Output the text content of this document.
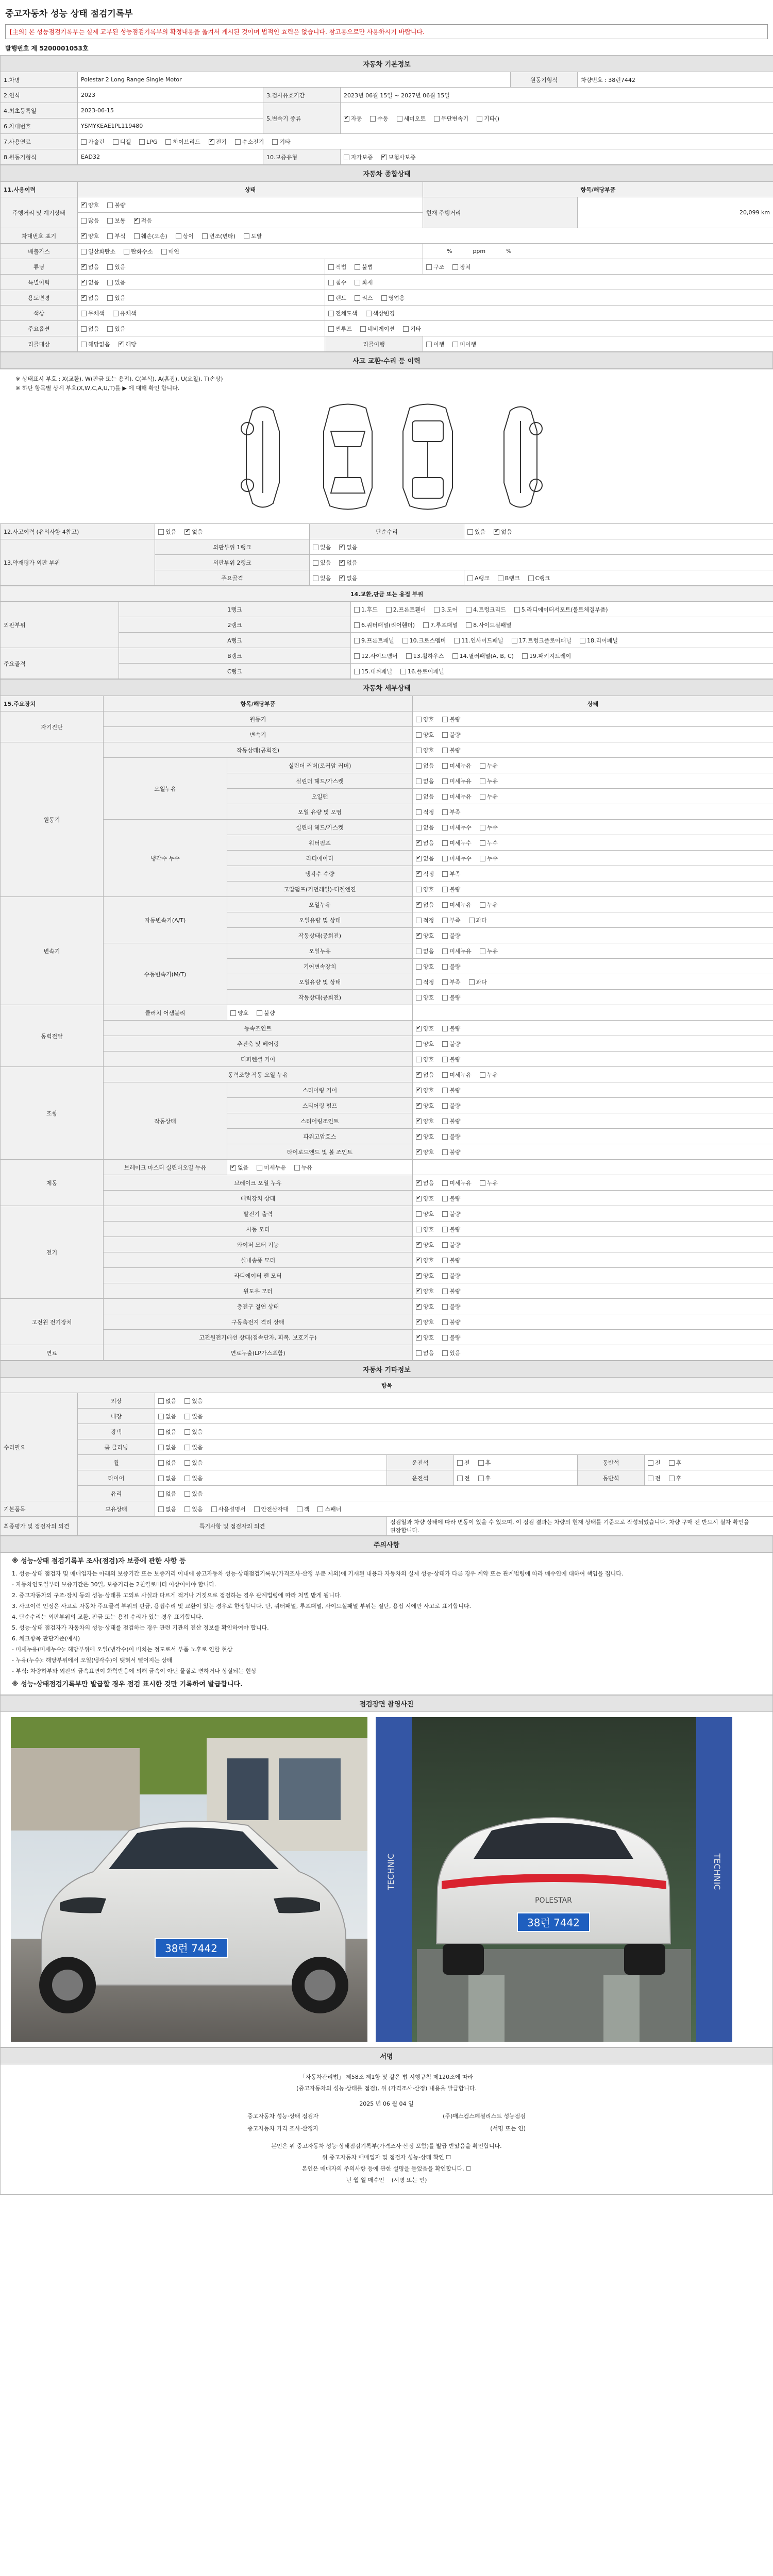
중고자동차 성능 상태 점검기록부
[主의] 본 성능점검기록부는 실제 교부된 성능점검기록부의 확정내용을 옮겨서 게시된 것이며 법적인 효력은 없습니다. 참고용으로만 사용하시기 바랍니다.
발행번호 제 5200001053호
자동차 기본정보					
1.차명	Polestar 2 Long Range Single Motor			원동기형식	차량번호 : 38런7442
2.연식	2023	3.검사유효기간	2023년 06월 15일 ~ 2027년 06월 15일		
4.최초등록일	2023-06-15	5.변속기 종류	✔자동 수동 세미오토 무단변속기 기타()
6.차대번호	YSMYKEAE1PL119480				
7.사용연료	가솔린 디젤 LPG 하이브리드 ✔ 전기 수소전기 기타
8.원동기형식	EAD32	10.보증유형	자가보증 ✔ 보험사보증
자동차 종합상태				
11.사용이력	상태		항목/해당부품	
주행거리 및 계기상태	✔양호 불량		현재 주행거리	20,099 km
	많음 보통 ✔ 적음
차대번호 표기	✔양호 부식 훼손(오손) 상이 변조(변타) 도말
배출가스	일산화탄소 탄화수소 매연		% ppm %	
튜닝	✔없음 있음	적법 불법	구조 장치	
특별이력	✔없음 있음	침수 화재		
용도변경	✔없음 있음	렌트 리스 영업용		
색상	무채색 유채색	전체도색 색상변경		
주요옵션	없음 있음	썬루프 네비게이션 기타		
리콜대상	해당없음 ✔ 해당	리콜이행	이행 미이행	
사고 교환·수리 등 이력
※ 상태표시 부호 : X(교환), W(판금 또는 용접), C(부식), A(흠집), U(요철), T(손상)
※ 하단 항목별 상세 부호(X,W,C,A,U,T)를 ▶ 에 대해 확인 합니다.
12.사고이력 (유의사항 4참고)	있음 ✔ 없음	단순수리	있음 ✔ 없음
13.약재평가 외판 부위	외판부위 1랭크	있음 ✔ 없음
	외판부위 2랭크	있음 ✔ 없음
	주요골격	있음 ✔ 없음	A랭크 B랭크 C랭크
14.교환,판금 또는 용접 부위		
외판부위	1랭크	1.후드 2.프론트휀더 3.도어 4.트렁크리드 5.라디에이터서포트(볼트체결부품)
	2랭크	6.쿼터패널(리어휀더) 7.루프패널 8.사이드실패널
	A랭크	9.프론트패널 10.크로스멤버 11.인사이드패널 17.트렁크플로어패널 18.리어패널
주요골격	B랭크	12.사이드멤버 13.휠하우스 14.필러패널(A, B, C) 19.패키지트레이
	C랭크	15.대쉬패널 16.플로어패널
자동차 세부상태			
15.주요장치	항목/해당부품		상태
자기진단	원동기		양호 불량
	변속기		양호 불량
원동기	작동상태(공회전)		양호 불량
	오일누유	실린더 커버(로커암 커버)	없음 미세누유 누유
		실린더 헤드/가스켓	없음 미세누유 누유
		오일팬	없음 미세누유 누유
		오일 유량 및 오염	적정 부족
	냉각수 누수	실린더 헤드/가스켓	없음 미세누수 누수
		워터펌프	✔없음 미세누수 누수
		라디에이터	✔없음 미세누수 누수
		냉각수 수량	✔적정 부족
		고압펌프(커먼레일)-디젤엔진	양호 불량
변속기	자동변속기(A/T)	오일누유	✔없음 미세누유 누유
		오일유량 및 상태	적정 부족 과다
		작동상태(공회전)	✔양호 불량
	수동변속기(M/T)	오일누유	없음 미세누유 누유
		기어변속장치	양호 불량
		오일유량 및 상태	적정 부족 과다
		작동상태(공회전)	양호 불량
동력전달	클러치 어셈블리	양호 불량	
	등속조인트	✔양호 불량
	추진축 및 베어링		양호 불량
	디퍼렌셜 기어		양호 불량
조향	동력조향 작동 오일 누유	✔없음 미세누유 누유
	작동상태	스티어링 기어	✔양호 불량
		스티어링 펌프	✔양호 불량
		스티어링조인트	✔양호 불량
		파워고압호스	✔양호 불량
		타이로드엔드 및 볼 조인트	✔양호 불량
제동	브레이크 마스터 실린더오일 누유	✔없음 미세누유 누유
	브레이크 오일 누유	✔없음 미세누유 누유
	배력장치 상태	✔양호 불량
전기	발전기 출력		양호 불량
	시동 모터		양호 불량
	와이퍼 모터 기능	✔양호 불량
	실내송풍 모터	✔양호 불량
	라디에이터 팬 모터	✔양호 불량
	윈도우 모터	✔양호 불량
고전원 전기장치	충전구 절연 상태	✔양호 불량
	구동축전지 격리 상태	✔양호 불량
	고전원전기배선 상태(접속단자, 피복, 보호기구)	✔양호 불량
연료	연료누출(LP가스포함)		없음 있음
자동차 기타정보						
항목						
수리필요	외장	없음 있음				
	내장	없음 있음				
	광택	없음 있음				
	룸 클리닝	없음 있음				
	휠	없음 있음	운전석	전 후	동반석	전 후
	타이어	없음 있음	운전석	전 후	동반석	전 후
	유리	없음 있음				
기본품목	보유상태	없음 있음 사용설명서 안전삼각대 잭 스패너				
최종평가 및 점검자의 의견	특기사항 및 점검자의 의견		점검일과 차량 상태에 따라 변동이 있을 수 있으며, 이 점검 결과는 차량의 현재 상태를 기준으로 작성되었습니다. 차량 구매 전 반드시 실차 확인을 권장합니다.			
주의사항
※ 성능·상태 점검기록부 조사(점검)자 보증에 관한 사항 등

1. 성능·상태 점검자 및 매매업자는 아래의 보증기간 또는 보증거리 이내에 중고자동차 성능·상태점검기록부(가격조사·산정 부분 제외)에 기재된 내용과 자동차의 실제 성능·상태가 다른 경우 계약 또는 관계법령에 따라 매수인에 대하여 책임을 집니다.

- 자동차인도일부터 보증기간은 30일, 보증거리는 2천킬로미터 이상이어야 합니다.

2. 중고자동차의 구조·장치 등의 성능·상태를 고의로 사실과 다르게 적거나 거짓으로 점검하는 경우 관계법령에 따라 처벌 받게 됩니다.

3. 사고이력 인정은 사고로 자동차 주요골격 부위의 판금, 용접수리 및 교환이 있는 경우로 한정합니다. 단, 쿼터패널, 루프패널, 사이드실패널 부위는 절단, 용접 시에만 사고로 표기합니다.

4. 단순수리는 외판부위의 교환, 판금 또는 용접 수리가 있는 경우 표기합니다.

5. 성능·상태 점검자가 자동차의 성능·상태를 점검하는 경우 관련 기관의 전산 정보를 확인하여야 합니다.

6. 체크항목 판단기준(예시)

- 미세누유(미세누수): 해당부위에 오일(냉각수)이 비치는 정도로서 부품 노후로 인한 현상

- 누유(누수): 해당부위에서 오일(냉각수)이 맺혀서 떨어지는 상태

- 부식: 차량하부와 외판의 금속표면이 화학반응에 의해 금속이 아닌 물질로 변하거나 상실되는 현상

※ 성능·상태점검기록부만 발급할 경우 점검 표시한 것만 기록하여 발급합니다.
점검장면 촬영사진
38런 7442
TECHNIC	TECHNIC
POLESTAR
38런 7442
서명
「자동차관리법」 제58조 제1항 및 같은 법 시행규칙 제120조에 따라
(중고자동차의 성능·상태를 점검), 위 (가격조사·산정) 내용을 발급합니다.
2025 년 06 월 04 일
중고자동차 성능·상태 점검자	(주)매스컴스페셜리스트 성능점검
중고자동차 가격 조사·산정자	(서명 또는 인)
본인은 위 중고자동차 성능·상태점검기록부(가격조사·산정 포함)를 발급 받았음을 확인합니다.
위 중고자동차 매매업자 및 점검자 성능·상태 확인 ☐
본인은 매매자의 주의사항 등에 관한 설명을 듣었음을 확인합니다. ☐
년 월 일 매수인 (서명 또는 인)
